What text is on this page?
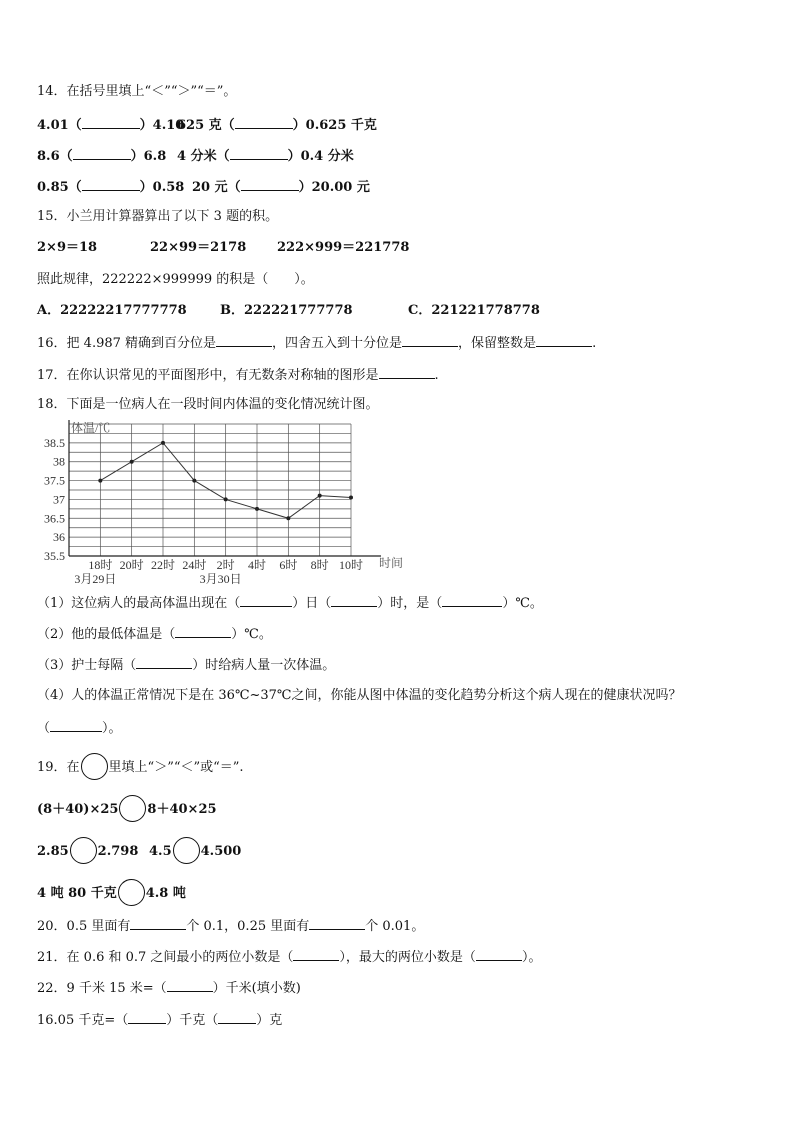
14．在括号里填上“＜”“＞”“＝”。
4.01（	）4.10625 克（	）0.625 千克
8.6（	）6.8 4 分米（	）0.4 分米
0.85（	）0.58 20 元（	）20.00 元
15．小兰用计算器算出了以下 3 题的积。
2×9＝18	22×99＝2178 222×999＝221778
照此规律，222222×999999 的积是（　　）。
A．22222217777778	B．222221777778	C．221221778778
16．把 4.987 精确到百分位是	，四舍五入到十分位是	，保留整数是	.
17．在你认识常见的平面图形中，有无数条对称轴的图形是	.
18．下面是一位病人在一段时间内体温的变化情况统计图。
体温/℃
时间
35.5
36
36.5
37
37.5
38
38.5
18时 20时 22时 24时 2时 4时 6时 8时 10时
3月29日	3月30日
（1）这位病人的最高体温出现在（	）日（	）时，是（	）℃。
（2）他的最低体温是（	）℃。
（3）护士每隔（	）时给病人量一次体温。
（4）人的体温正常情况下是在 36℃~37℃之间，你能从图中体温的变化趋势分析这个病人现在的健康状况吗？
（	）。
19．在 里填上“＞”“＜”或“＝”.
(8＋40)×25 8＋40×25
2.85 2.798 4.5 4.500
4 吨 80 千克 4.8 吨
20．0.5 里面有	个 0.1，0.25 里面有	个 0.01。
21．在 0.6 和 0.7 之间最小的两位小数是（	），最大的两位小数是（	）。
22．9 千米 15 米=（	）千米(填小数)
16.05 千克=（	）千克（	）克
